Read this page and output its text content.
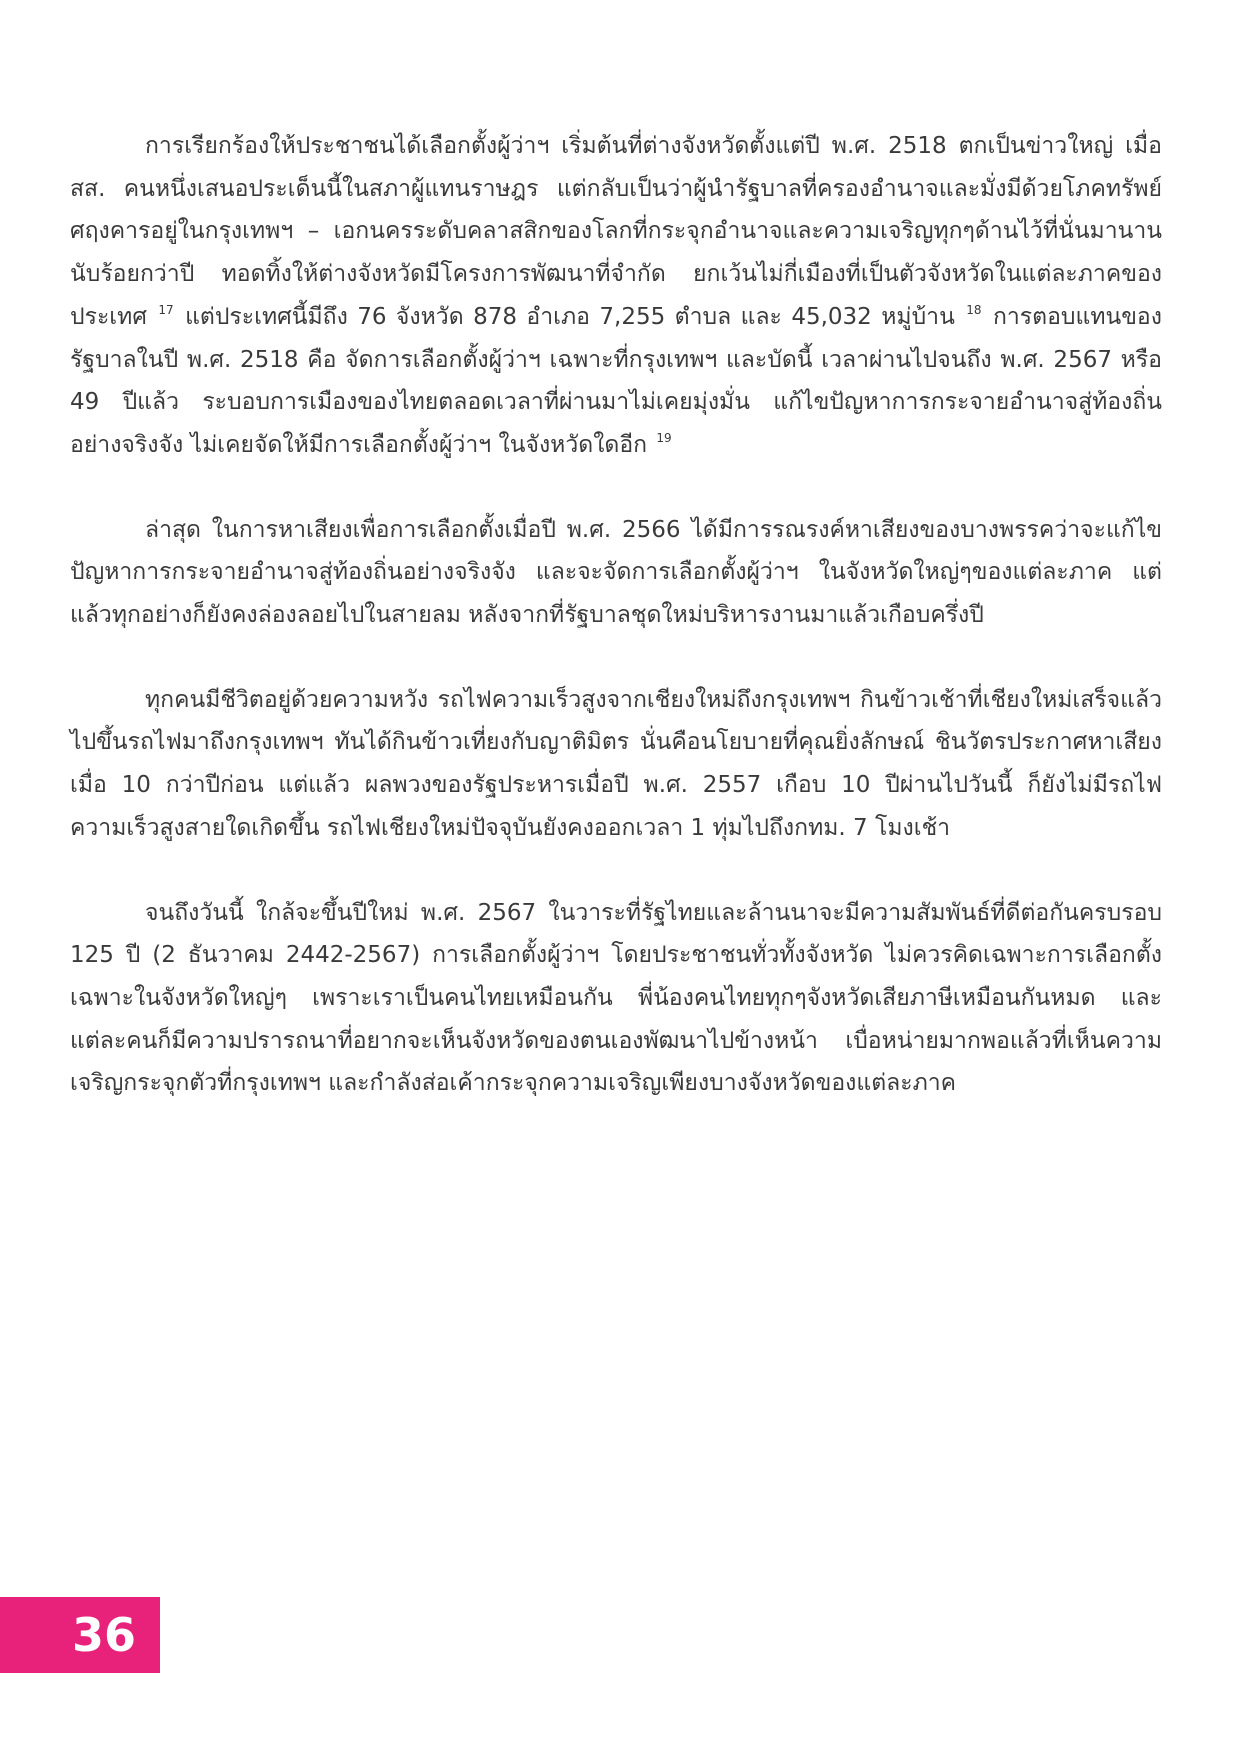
การเรียกร้องให้ประชาชนได้เลือกตั้งผู้ว่าฯ เริ่มต้นที่ต่างจังหวัดตั้งแต่ปี พ.ศ. 2518 ตกเป็นข่าวใหญ่ เมื่อ สส. คนหนึ่งเสนอประเด็นนี้ในสภาผู้แทนราษฎร แต่กลับเป็นว่าผู้นำรัฐบาลที่ครองอำนาจและมั่งมีด้วยโภคทรัพย์ศฤงคารอยู่ในกรุงเทพฯ – เอกนครระดับคลาสสิกของโลกที่กระจุกอำนาจและความเจริญทุกๆด้านไว้ที่นั่นมานานนับร้อยกว่าปี ทอดทิ้งให้ต่างจังหวัดมีโครงการพัฒนาที่จำกัด ยกเว้นไม่กี่เมืองที่เป็นตัวจังหวัดในแต่ละภาคของประเทศ $^{17}$ แต่ประเทศนี้มีถึง 76 จังหวัด 878 อำเภอ 7,255 ตำบล และ 45,032 หมู่บ้าน $^{18}$ การตอบแทนของรัฐบาลในปี พ.ศ. 2518 คือ จัดการเลือกตั้งผู้ว่าฯ เฉพาะที่กรุงเทพฯ และบัดนี้ เวลาผ่านไปจนถึง พ.ศ. 2567 หรือ 49 ปีแล้ว ระบอบการเมืองของไทยตลอดเวลาที่ผ่านมาไม่เคยมุ่งมั่น แก้ไขปัญหาการกระจายอำนาจสู่ท้องถิ่นอย่างจริงจัง ไม่เคยจัดให้มีการเลือกตั้งผู้ว่าฯ ในจังหวัดใดอีก $^{19}$

ล่าสุด ในการหาเสียงเพื่อการเลือกตั้งเมื่อปี พ.ศ. 2566 ได้มีการรณรงค์หาเสียงของบางพรรคว่าจะแก้ไขปัญหาการกระจายอำนาจสู่ท้องถิ่นอย่างจริงจัง และจะจัดการเลือกตั้งผู้ว่าฯ ในจังหวัดใหญ่ๆของแต่ละภาค แต่แล้วทุกอย่างก็ยังคงล่องลอยไปในสายลม หลังจากที่รัฐบาลชุดใหม่บริหารงานมาแล้วเกือบครึ่งปี

ทุกคนมีชีวิตอยู่ด้วยความหวัง รถไฟความเร็วสูงจากเชียงใหม่ถึงกรุงเทพฯ กินข้าวเช้าที่เชียงใหม่เสร็จแล้ว ไปขึ้นรถไฟมาถึงกรุงเทพฯ ทันได้กินข้าวเที่ยงกับญาติมิตร นั่นคือนโยบายที่คุณยิ่งลักษณ์ ชินวัตรประกาศหาเสียงเมื่อ 10 กว่าปีก่อน แต่แล้ว ผลพวงของรัฐประหารเมื่อปี พ.ศ. 2557 เกือบ 10 ปีผ่านไปวันนี้ ก็ยังไม่มีรถไฟความเร็วสูงสายใดเกิดขึ้น รถไฟเชียงใหม่ปัจจุบันยังคงออกเวลา 1 ทุ่มไปถึงกทม. 7 โมงเช้า

จนถึงวันนี้ ใกล้จะขึ้นปีใหม่ พ.ศ. 2567 ในวาระที่รัฐไทยและล้านนาจะมีความสัมพันธ์ที่ดีต่อกันครบรอบ 125 ปี (2 ธันวาคม 2442-2567) การเลือกตั้งผู้ว่าฯ โดยประชาชนทั่วทั้งจังหวัด ไม่ควรคิดเฉพาะการเลือกตั้งเฉพาะในจังหวัดใหญ่ๆ เพราะเราเป็นคนไทยเหมือนกัน พี่น้องคนไทยทุกๆจังหวัดเสียภาษีเหมือนกันหมด และแต่ละคนก็มีความปรารถนาที่อยากจะเห็นจังหวัดของตนเองพัฒนาไปข้างหน้า เบื่อหน่ายมากพอแล้วที่เห็นความเจริญกระจุกตัวที่กรุงเทพฯ และกำลังส่อเค้ากระจุกความเจริญเพียงบางจังหวัดของแต่ละภาค

36
